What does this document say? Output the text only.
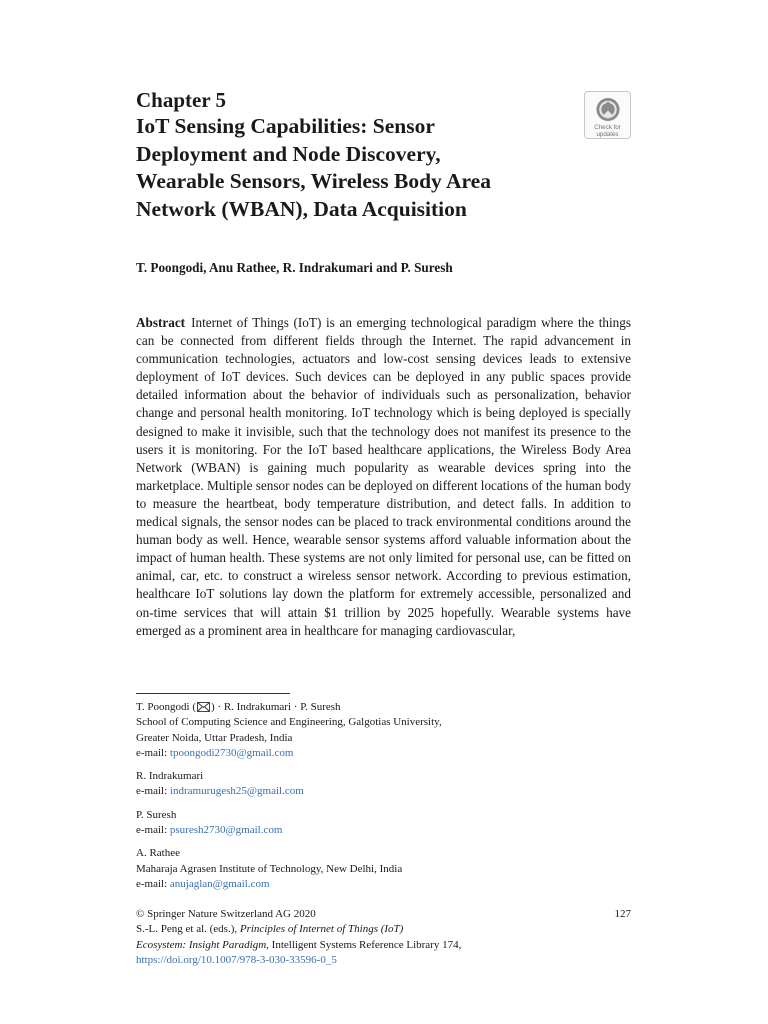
Chapter 5
IoT Sensing Capabilities: Sensor
Deployment and Node Discovery,
Wearable Sensors, Wireless Body Area
Network (WBAN), Data Acquisition
Check for
updates
T. Poongodi, Anu Rathee, R. Indrakumari and P. Suresh
Abstract Internet of Things (IoT) is an emerging technological paradigm where the things can be connected from different fields through the Internet. The rapid advancement in communication technologies, actuators and low-cost sensing devices leads to extensive deployment of IoT devices. Such devices can be deployed in any public spaces provide detailed information about the behavior of individuals such as personalization, behavior change and personal health monitoring. IoT technology which is being deployed is specially designed to make it invisible, such that the technology does not manifest its presence to the users it is monitoring. For the IoT based healthcare applications, the Wireless Body Area Network (WBAN) is gaining much popularity as wearable devices spring into the marketplace. Multiple sensor nodes can be deployed on different locations of the human body to measure the heartbeat, body temperature distribution, and detect falls. In addition to medical signals, the sensor nodes can be placed to track environmental conditions around the human body as well. Hence, wearable sensor systems afford valuable information about the impact of human health. These systems are not only limited for personal use, can be fitted on animal, car, etc. to construct a wireless sensor network. According to previous estimation, healthcare IoT solutions lay down the platform for extremely accessible, personalized and on-time services that will attain $1 trillion by 2025 hopefully. Wearable systems have emerged as a prominent area in healthcare for managing cardiovascular,
T. Poongodi ( ) · R. Indrakumari · P. Suresh
School of Computing Science and Engineering, Galgotias University,
Greater Noida, Uttar Pradesh, India
e-mail: tpoongodi2730@gmail.com
R. Indrakumari
e-mail: indramurugesh25@gmail.com
P. Suresh
e-mail: psuresh2730@gmail.com
A. Rathee
Maharaja Agrasen Institute of Technology, New Delhi, India
e-mail: anujaglan@gmail.com
© Springer Nature Switzerland AG 2020	127
S.-L. Peng et al. (eds.), Principles of Internet of Things (IoT)
Ecosystem: Insight Paradigm, Intelligent Systems Reference Library 174,
https://doi.org/10.1007/978-3-030-33596-0_5
